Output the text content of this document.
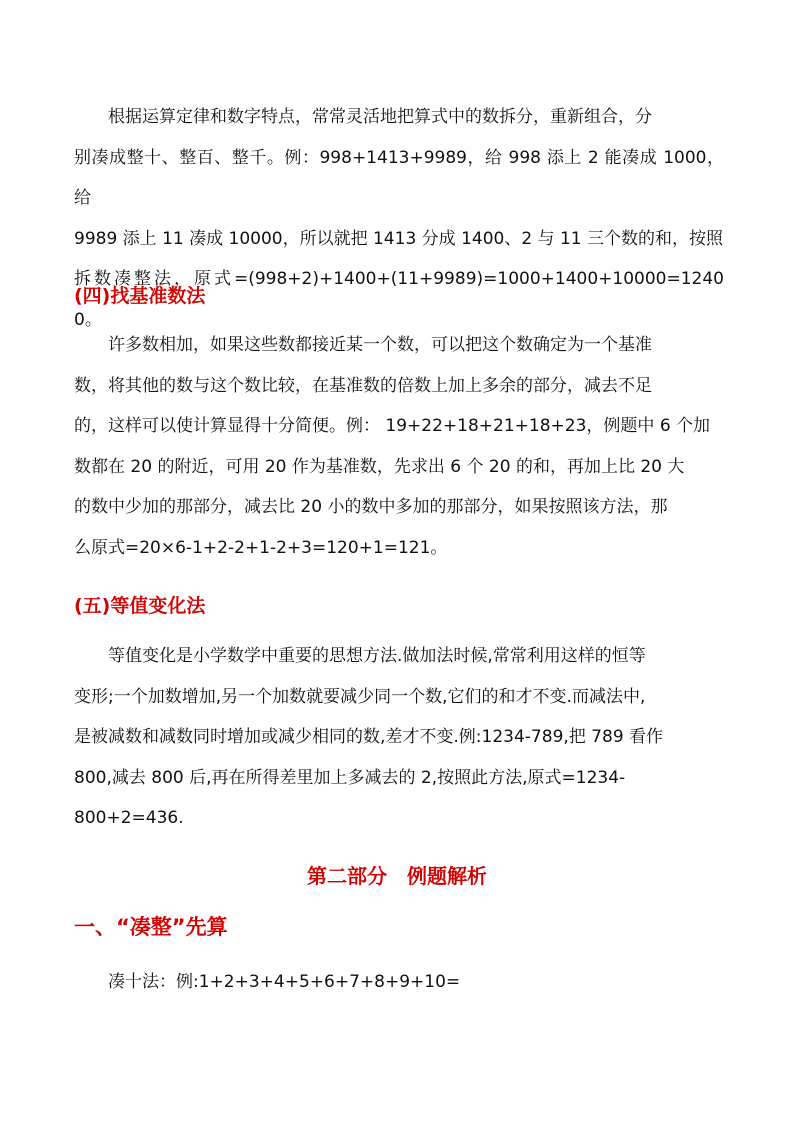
根据运算定律和数字特点，常常灵活地把算式中的数拆分，重新组合，分
别凑成整十、整百、整千。例：998+1413+9989，给 998 添上 2 能凑成 1000，给
9989 添上 11 凑成 10000，所以就把 1413 分成 1400、2 与 11 三个数的和，按照
拆数凑整法，原式=(998+2)+1400+(11+9989)=1000+1400+10000=12400。
(四)找基准数法
许多数相加，如果这些数都接近某一个数，可以把这个数确定为一个基准
数，将其他的数与这个数比较，在基准数的倍数上加上多余的部分，减去不足
的，这样可以使计算显得十分简便。例： 19+22+18+21+18+23，例题中 6 个加
数都在 20 的附近，可用 20 作为基准数，先求出 6 个 20 的和，再加上比 20 大
的数中少加的那部分，减去比 20 小的数中多加的那部分，如果按照该方法，那
么原式=20×6-1+2-2+1-2+3=120+1=121。
(五)等值变化法
等值变化是小学数学中重要的思想方法.做加法时候,常常利用这样的恒等
变形;一个加数增加,另一个加数就要减少同一个数,它们的和才不变.而减法中,
是被减数和减数同时增加或减少相同的数,差才不变.例:1234-789,把 789 看作
800,减去 800 后,再在所得差里加上多减去的 2,按照此方法,原式=1234-
800+2=436.
第二部分　例题解析
一、“凑整”先算
凑十法：例:1+2+3+4+5+6+7+8+9+10=
